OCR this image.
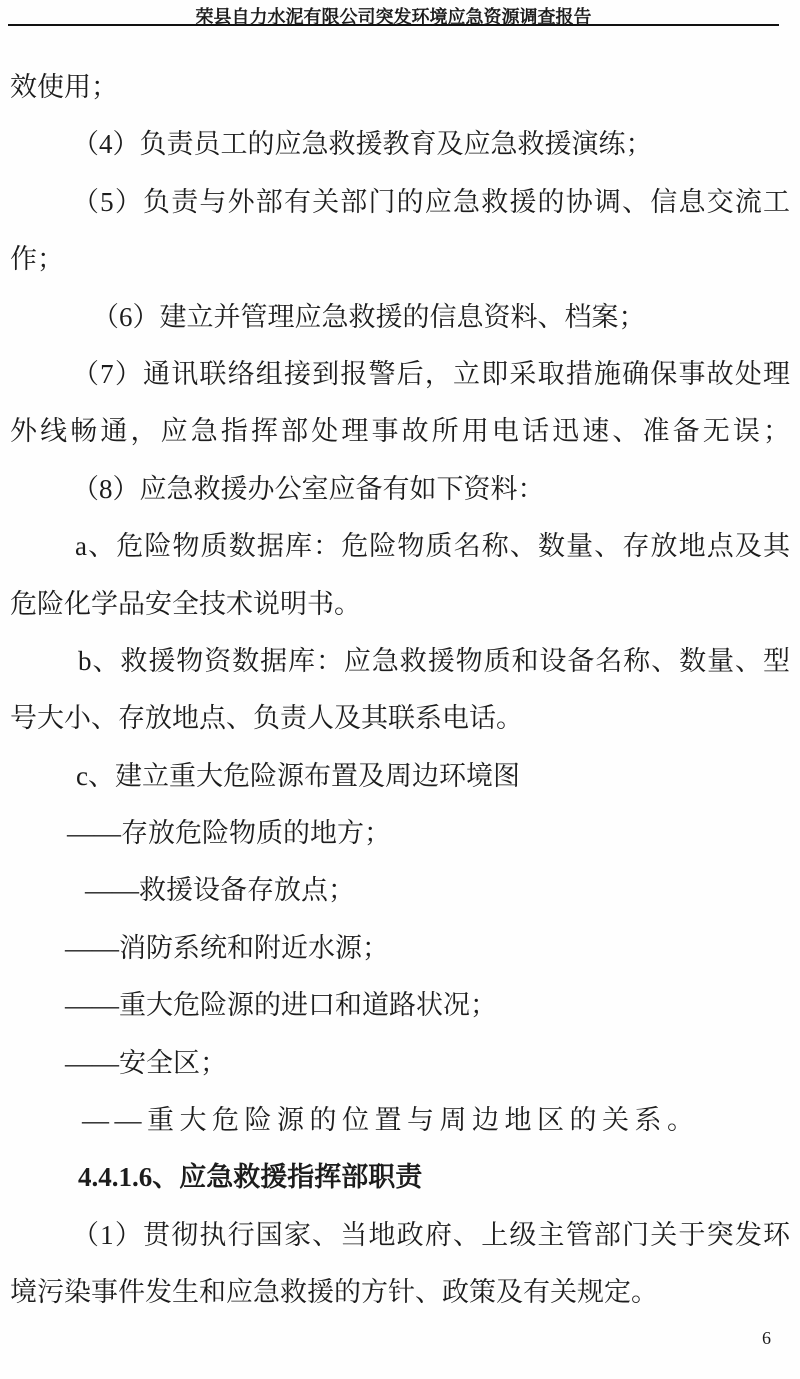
荣县自力水泥有限公司突发环境应急资源调查报告
效使用；
（4）负责员工的应急救援教育及应急救援演练；
（5）负责与外部有关部门的应急救援的协调、信息交流工
作；
（6）建立并管理应急救援的信息资料、档案；
（7）通讯联络组接到报警后，立即采取措施确保事故处理
外线畅通，应急指挥部处理事故所用电话迅速、准备无误；
（8）应急救援办公室应备有如下资料：
a、危险物质数据库：危险物质名称、数量、存放地点及其
危险化学品安全技术说明书。
b、救援物资数据库：应急救援物质和设备名称、数量、型
号大小、存放地点、负责人及其联系电话。
c、建立重大危险源布置及周边环境图
——存放危险物质的地方；
——救援设备存放点；
——消防系统和附近水源；
——重大危险源的进口和道路状况；
——安全区；
——重大危险源的位置与周边地区的关系。
4.4.1.6、应急救援指挥部职责
（1）贯彻执行国家、当地政府、上级主管部门关于突发环
境污染事件发生和应急救援的方针、政策及有关规定。
6
